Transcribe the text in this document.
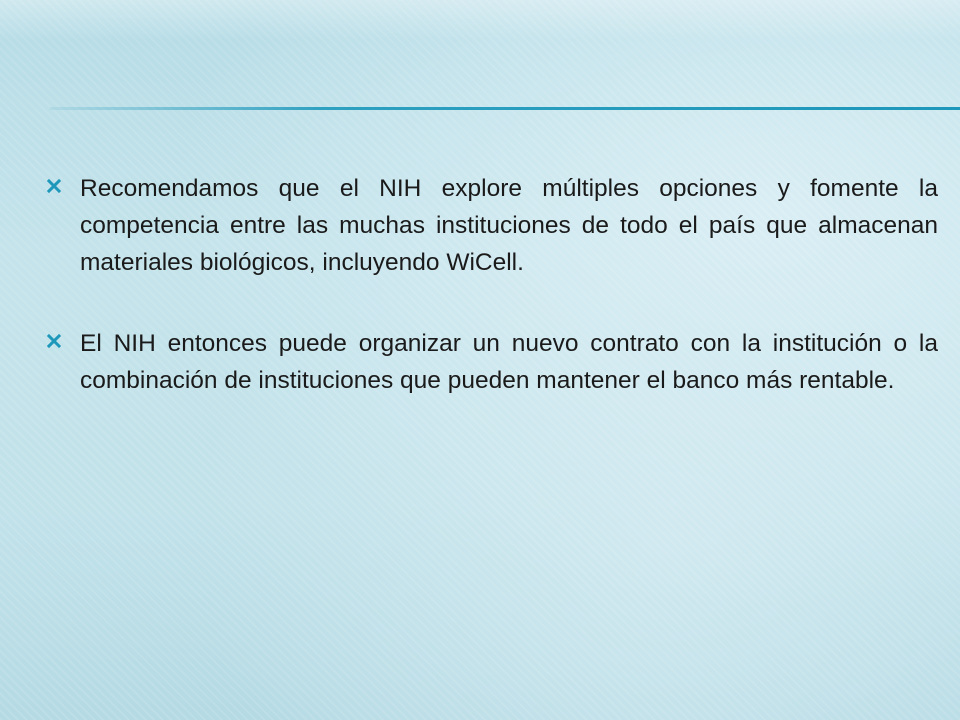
Recomendamos que el NIH explore múltiples opciones y fomente la competencia entre las muchas instituciones de todo el país que almacenan materiales biológicos, incluyendo WiCell.

El NIH entonces puede organizar un nuevo contrato con la institución o la combinación de instituciones que pueden mantener el banco más rentable.
